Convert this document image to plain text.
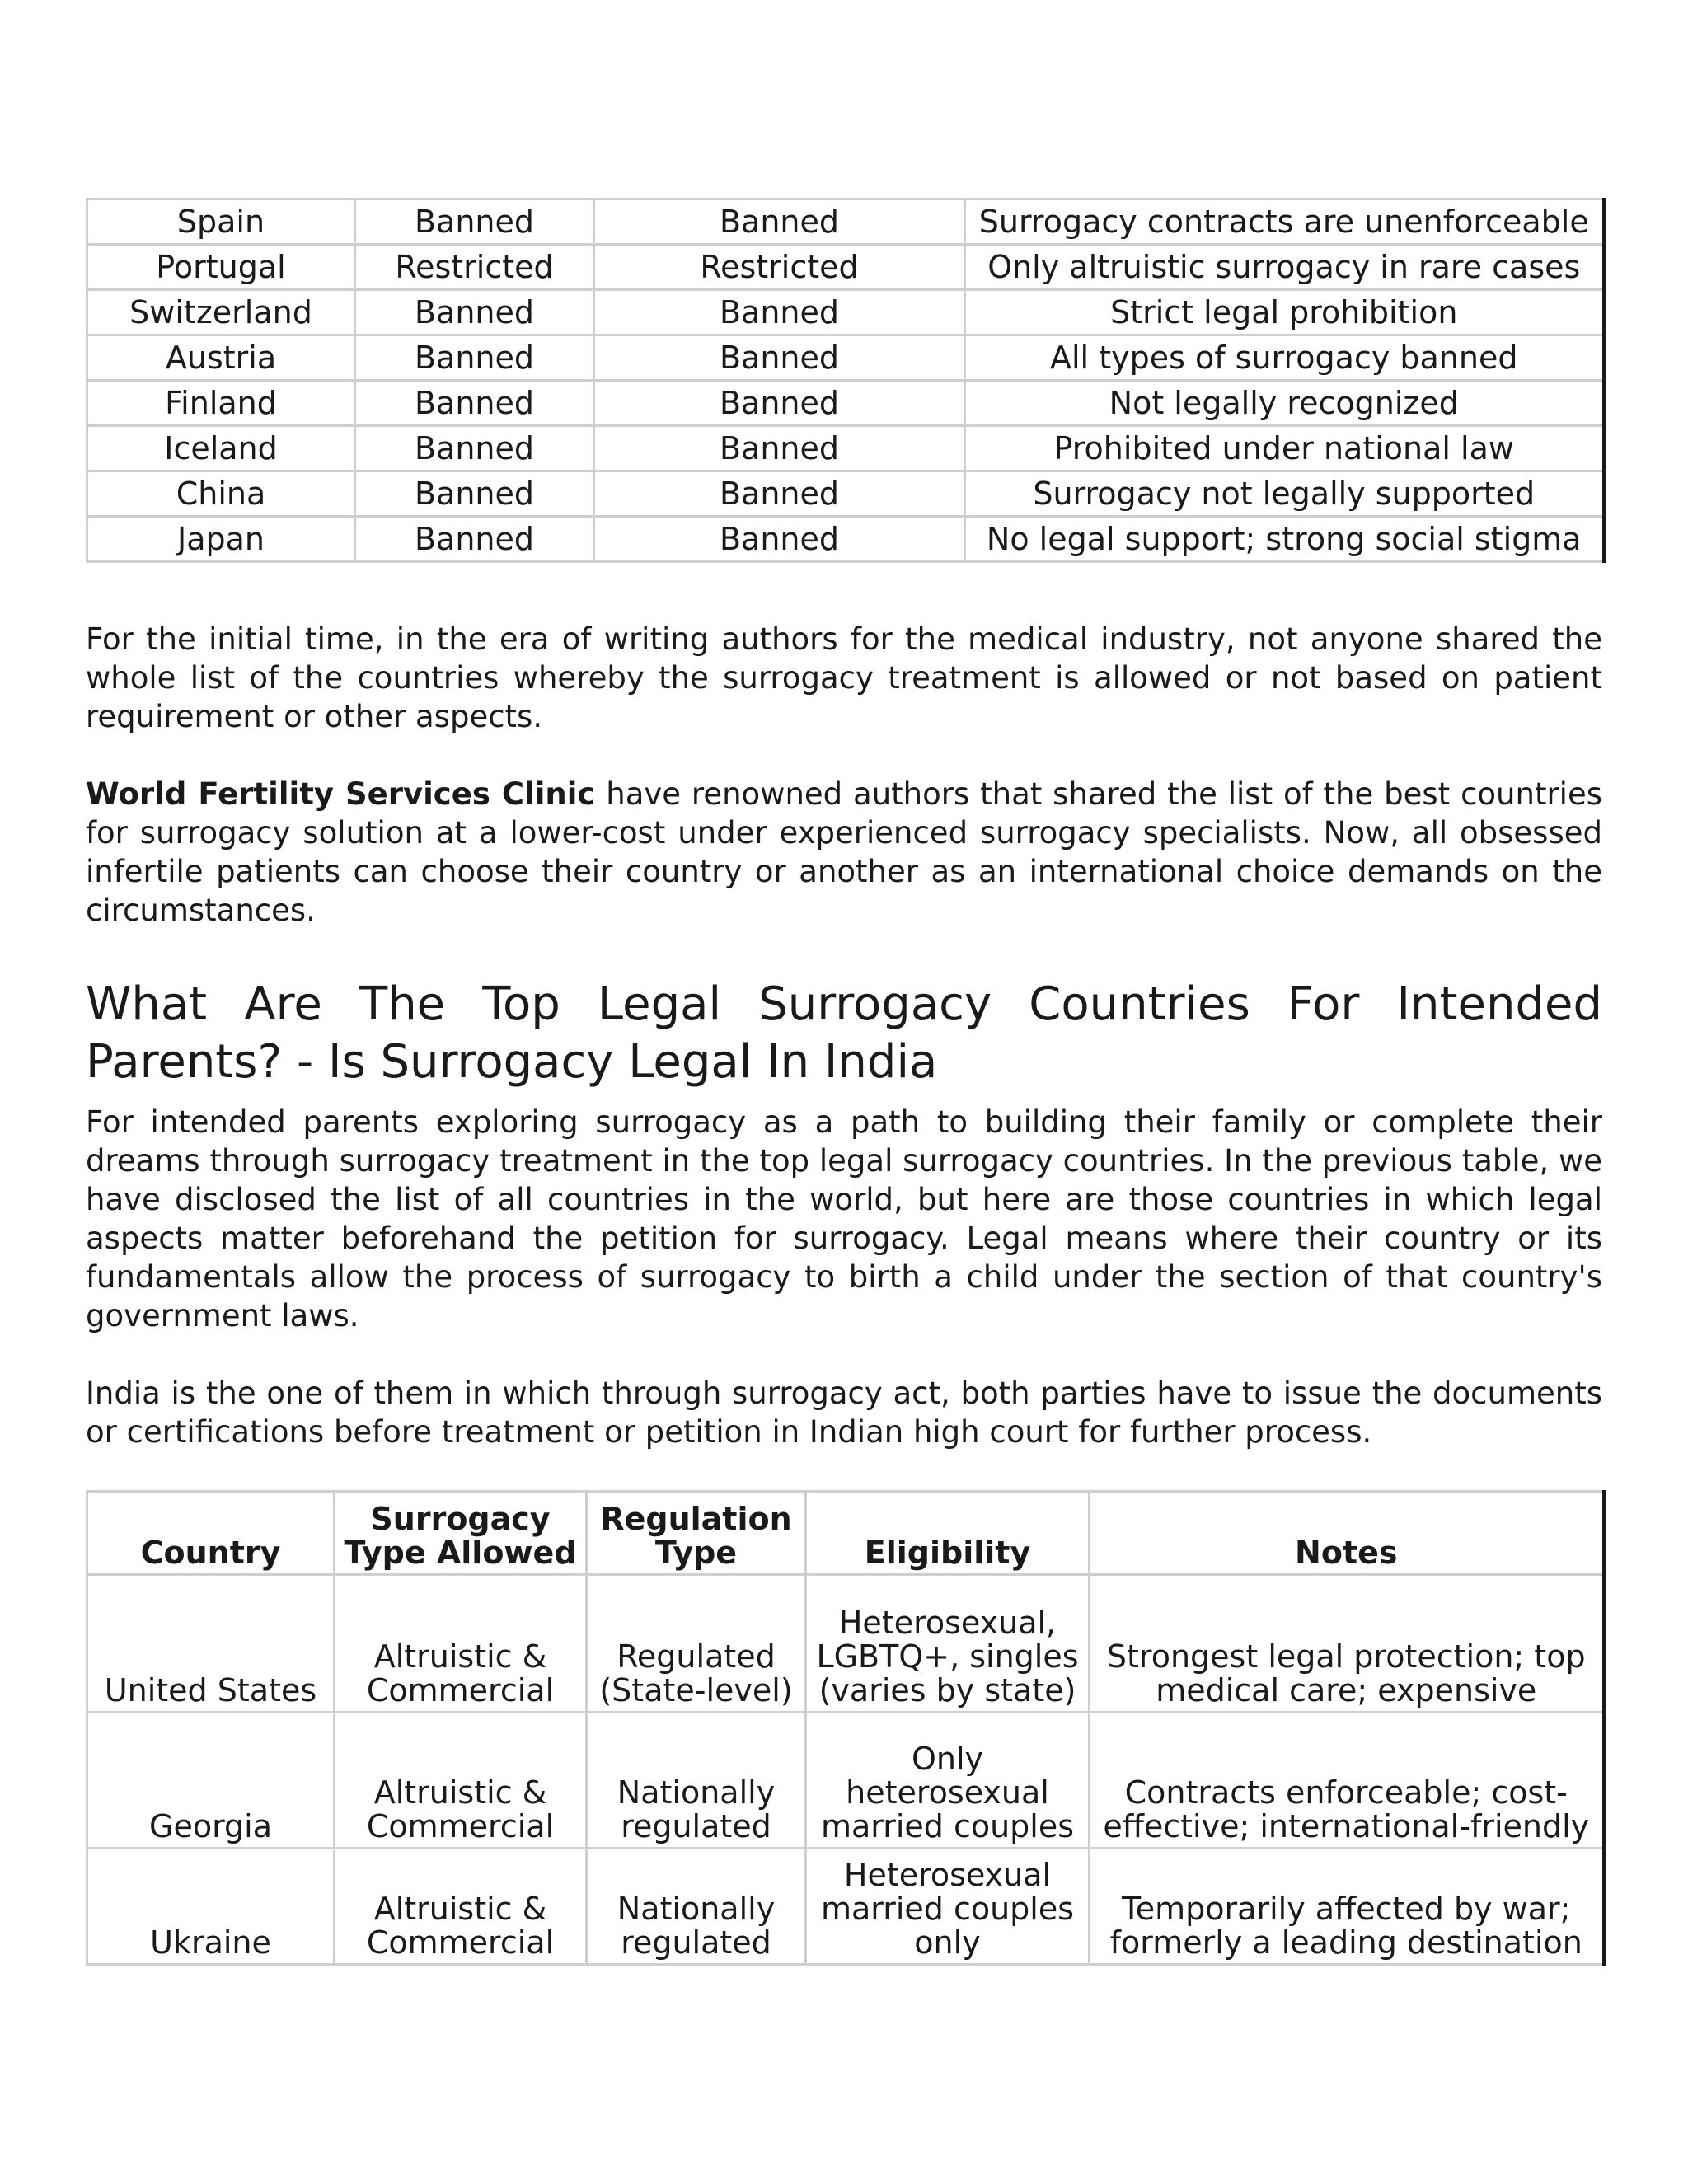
Spain	Banned	Banned	Surrogacy contracts are unenforceable
Portugal	Restricted	Restricted	Only altruistic surrogacy in rare cases
Switzerland	Banned	Banned	Strict legal prohibition
Austria	Banned	Banned	All types of surrogacy banned
Finland	Banned	Banned	Not legally recognized
Iceland	Banned	Banned	Prohibited under national law
China	Banned	Banned	Surrogacy not legally supported
Japan	Banned	Banned	No legal support; strong social stigma

For the initial time, in the era of writing authors for the medical industry, not anyone shared the whole list of the countries whereby the surrogacy treatment is allowed or not based on patient requirement or other aspects.

World Fertility Services Clinic have renowned authors that shared the list of the best countries for surrogacy solution at a lower-cost under experienced surrogacy specialists. Now, all obsessed infertile patients can choose their country or another as an international choice demands on the circumstances.

What Are The Top Legal Surrogacy Countries For Intended Parents? - Is Surrogacy Legal In India

For intended parents exploring surrogacy as a path to building their family or complete their dreams through surrogacy treatment in the top legal surrogacy countries. In the previous table, we have disclosed the list of all countries in the world, but here are those countries in which legal aspects matter beforehand the petition for surrogacy. Legal means where their country or its fundamentals allow the process of surrogacy to birth a child under the section of that country's government laws.

India is the one of them in which through surrogacy act, both parties have to issue the documents or certifications before treatment or petition in Indian high court for further process.

Country	Surrogacy Type Allowed	Regulation Type	Eligibility	Notes
United States	Altruistic & Commercial	Regulated (State-level)	Heterosexual, LGBTQ+, singles (varies by state)	Strongest legal protection; top medical care; expensive
Georgia	Altruistic & Commercial	Nationally regulated	Only heterosexual married couples	Contracts enforceable; cost-effective; international-friendly
Ukraine	Altruistic & Commercial	Nationally regulated	Heterosexual married couples only	Temporarily affected by war; formerly a leading destination
